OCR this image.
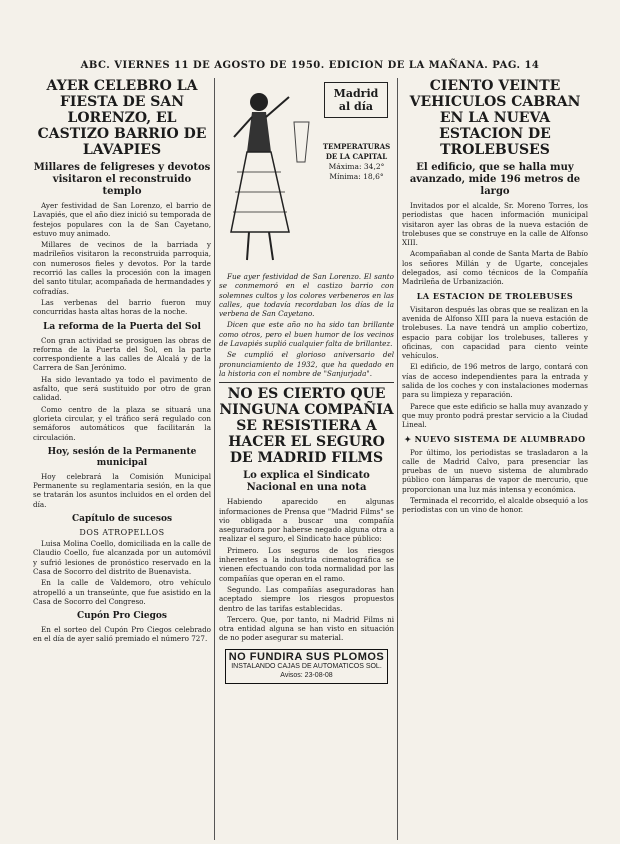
ABC. VIERNES 11 DE AGOSTO DE 1950. EDICION DE LA MAÑANA. PAG. 14
AYER CELEBRO LA FIESTA DE SAN LORENZO, EL CASTIZO BARRIO DE LAVAPIES
Millares de feligreses y devotos visitaron el reconstruido templo

Ayer festividad de San Lorenzo, el barrio de Lavapiés, que el año diez inició su temporada de festejos populares con la de San Cayetano, estuvo muy animado.

Millares de vecinos de la barriada y madrileños visitaron la reconstruida parroquia, con numerosos fieles y devotos. Por la tarde recorrió las calles la procesión con la imagen del santo titular, acompañada de hermandades y cofradías.

Las verbenas del barrio fueron muy concurridas hasta altas horas de la noche.

La reforma de la Puerta del Sol

Con gran actividad se prosiguen las obras de reforma de la Puerta del Sol, en la parte correspondiente a las calles de Alcalá y de la Carrera de San Jerónimo.

Ha sido levantado ya todo el pavimento de asfalto, que será sustituido por otro de gran calidad.

Como centro de la plaza se situará una glorieta circular, y el tráfico será regulado con semáforos automáticos que facilitarán la circulación.

Hoy, sesión de la Permanente municipal

Hoy celebrará la Comisión Municipal Permanente su reglamentaria sesión, en la que se tratarán los asuntos incluidos en el orden del día.

Capítulo de sucesos
DOS ATROPELLOS

Luisa Molina Coello, domiciliada en la calle de Claudio Coello, fue alcanzada por un automóvil y sufrió lesiones de pronóstico reservado en la Casa de Socorro del distrito de Buenavista.

En la calle de Valdemoro, otro vehículo atropelló a un transeúnte, que fue asistido en la Casa de Socorro del Congreso.

Cupón Pro Ciegos

En el sorteo del Cupón Pro Ciegos celebrado en el día de ayer salió premiado el número 727.

Madrid al día
TEMPERATURAS DE LA CAPITAL
Máxima: 34,2°
Mínima: 18,6°

Fue ayer festividad de San Lorenzo. El santo se conmemoró en el castizo barrio con solemnes cultos y los colores verbeneros en las calles, que todavía recordaban los días de la verbena de San Cayetano.

Dicen que este año no ha sido tan brillante como otros, pero el buen humor de los vecinos de Lavapiés suplió cualquier falta de brillantez.

Se cumplió el glorioso aniversario del pronunciamiento de 1932, que ha quedado en la historia con el nombre de "Sanjurjada".

NO ES CIERTO QUE NINGUNA COMPAÑIA SE RESISTIERA A HACER EL SEGURO DE MADRID FILMS
Lo explica el Sindicato Nacional en una nota

Habiendo aparecido en algunas informaciones de Prensa que "Madrid Films" se vio obligada a buscar una compañía aseguradora por haberse negado alguna otra a realizar el seguro, el Sindicato hace público:

Primero. Los seguros de los riesgos inherentes a la industria cinematográfica se vienen efectuando con toda normalidad por las compañías que operan en el ramo.

Segundo. Las compañías aseguradoras han aceptado siempre los riesgos propuestos dentro de las tarifas establecidas.

Tercero. Que, por tanto, ni Madrid Films ni otra entidad alguna se han visto en situación de no poder asegurar su material.

NO FUNDIRA SUS PLOMOS
INSTALANDO CAJAS DE AUTOMATICOS SOL. Avisos: 23-08-08
CIENTO VEINTE VEHICULOS CABRAN EN LA NUEVA ESTACION DE TROLEBUSES
El edificio, que se halla muy avanzado, mide 196 metros de largo

Invitados por el alcalde, Sr. Moreno Torres, los periodistas que hacen información municipal visitaron ayer las obras de la nueva estación de trolebuses que se construye en la calle de Alfonso XIII.

Acompañaban al conde de Santa Marta de Babío los señores Millán y de Ugarte, concejales delegados, así como técnicos de la Compañía Madrileña de Urbanización.

LA ESTACION DE TROLEBUSES

Visitaron después las obras que se realizan en la avenida de Alfonso XIII para la nueva estación de trolebuses. La nave tendrá un amplio cobertizo, espacio para cobijar los trolebuses, talleres y oficinas, con capacidad para ciento veinte vehículos.

El edificio, de 196 metros de largo, contará con vías de acceso independientes para la entrada y salida de los coches y con instalaciones modernas para su limpieza y reparación.

Parece que este edificio se halla muy avanzado y que muy pronto podrá prestar servicio a la Ciudad Lineal.

✦ NUEVO SISTEMA DE ALUMBRADO

Por último, los periodistas se trasladaron a la calle de Madrid Calvo, para presenciar las pruebas de un nuevo sistema de alumbrado público con lámparas de vapor de mercurio, que proporcionan una luz más intensa y económica.

Terminada el recorrido, el alcalde obsequió a los periodistas con un vino de honor.
